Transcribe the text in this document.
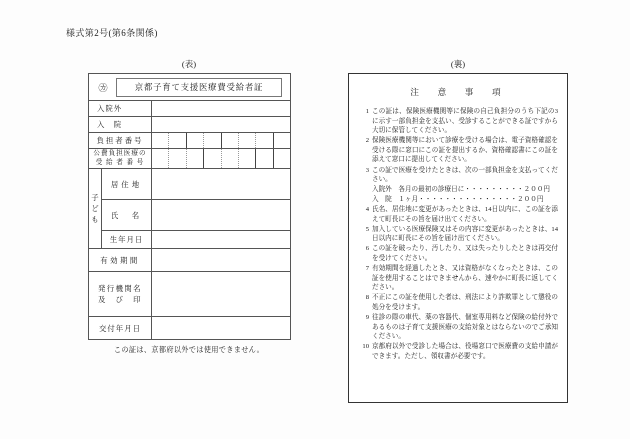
様式第2号(第6条関係)
(表)
㋕ 京都子育て支援医療費受給者証		

入院外		
入　院		
負担者番号		

公費負担医療の
受 給 者 番 号		

子
ど
も	居住地	
	氏　名	
	生年月日	
有効期間		

発行機関名
及　び　印		

交付年月日		
この証は、京都府以外では使用できません。
(裏)
注　意　事　項
1 この証は、保険医療機関等に保険の自己負担分のうち下記の3に示す一部負担金を支払い、受診することができる証ですから大切に保管してください。
2 保険医療機関等において診療を受ける場合は、電子資格確認を受ける際に窓口にこの証を提出するか、資格確認書にこの証を添えて窓口に提出してください。
3 この証で医療を受けたときは、次の一部負担金を支払ってください。
入院外　各月の最初の診療日に・・・・・・・・・２００円
入　院　１ヶ月・・・・・・・・・・・・・・・２００円
4 氏名、居住地に変更があったときは、14日以内に、この証を添えて町長にその旨を届け出てください。
5 加入している医療保険又はその内容に変更があったときは、14日以内に町長にその旨を届け出てください。
6 この証を破ったり、汚したり、又は失ったりしたときは再交付を受けてください。
7 有効期間を経過したとき、又は資格がなくなったときは、この証を使用することはできませんから、速やかに町長に返してください。
8 不正にこの証を使用した者は、刑法により詐欺罪として懲役の処分を受けます。
9 往診の際の車代、薬の容器代、個室専用料など保険の給付外であるものは子育て支援医療の支給対象とはならないのでご承知ください。
10 京都府以外で受診した場合は、役場窓口で医療費の支給申請ができます。ただし、領収書が必要です。
